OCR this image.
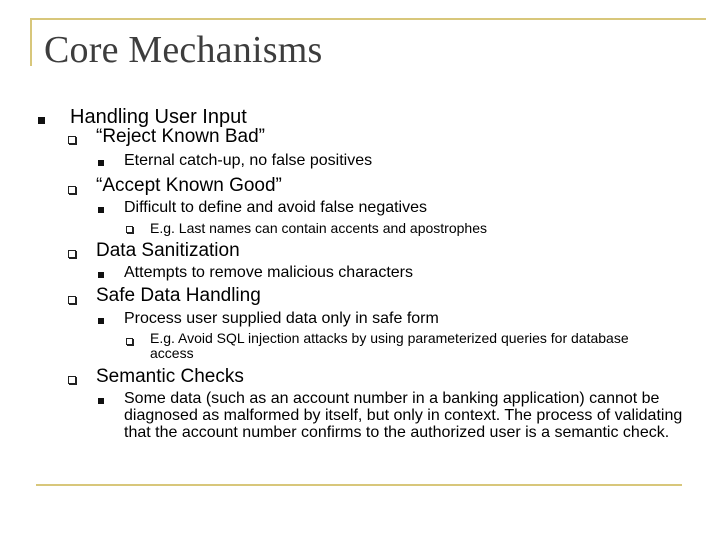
Core Mechanisms
Handling User Input
“Reject Known Bad”
Eternal catch-up, no false positives
“Accept Known Good”
Difficult to define and avoid false negatives
E.g. Last names can contain accents and apostrophes
Data Sanitization
Attempts to remove malicious characters
Safe Data Handling
Process user supplied data only in safe form
E.g. Avoid SQL injection attacks by using parameterized queries for database access
Semantic Checks
Some data (such as an account number in a banking application) cannot be diagnosed as malformed by itself, but only in context. The process of validating that the account number confirms to the authorized user is a semantic check.
